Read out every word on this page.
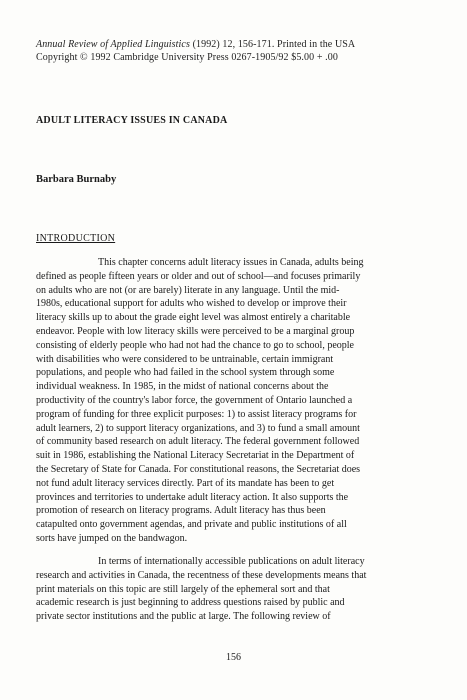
Annual Review of Applied Linguistics (1992) 12, 156-171. Printed in the USA
Copyright © 1992 Cambridge University Press 0267-1905/92 $5.00 + .00
ADULT LITERACY ISSUES IN CANADA
Barbara Burnaby
INTRODUCTION

This chapter concerns adult literacy issues in Canada, adults being
defined as people fifteen years or older and out of school—and focuses primarily
on adults who are not (or are barely) literate in any language. Until the mid-
1980s, educational support for adults who wished to develop or improve their
literacy skills up to about the grade eight level was almost entirely a charitable
endeavor. People with low literacy skills were perceived to be a marginal group
consisting of elderly people who had not had the chance to go to school, people
with disabilities who were considered to be untrainable, certain immigrant
populations, and people who had failed in the school system through some
individual weakness. In 1985, in the midst of national concerns about the
productivity of the country's labor force, the government of Ontario launched a
program of funding for three explicit purposes: 1) to assist literacy programs for
adult learners, 2) to support literacy organizations, and 3) to fund a small amount
of community based research on adult literacy. The federal government followed
suit in 1986, establishing the National Literacy Secretariat in the Department of
the Secretary of State for Canada. For constitutional reasons, the Secretariat does
not fund adult literacy services directly. Part of its mandate has been to get
provinces and territories to undertake adult literacy action. It also supports the
promotion of research on literacy programs. Adult literacy has thus been
catapulted onto government agendas, and private and public institutions of all
sorts have jumped on the bandwagon.

In terms of internationally accessible publications on adult literacy
research and activities in Canada, the recentness of these developments means that
print materials on this topic are still largely of the ephemeral sort and that
academic research is just beginning to address questions raised by public and
private sector institutions and the public at large. The following review of

156
